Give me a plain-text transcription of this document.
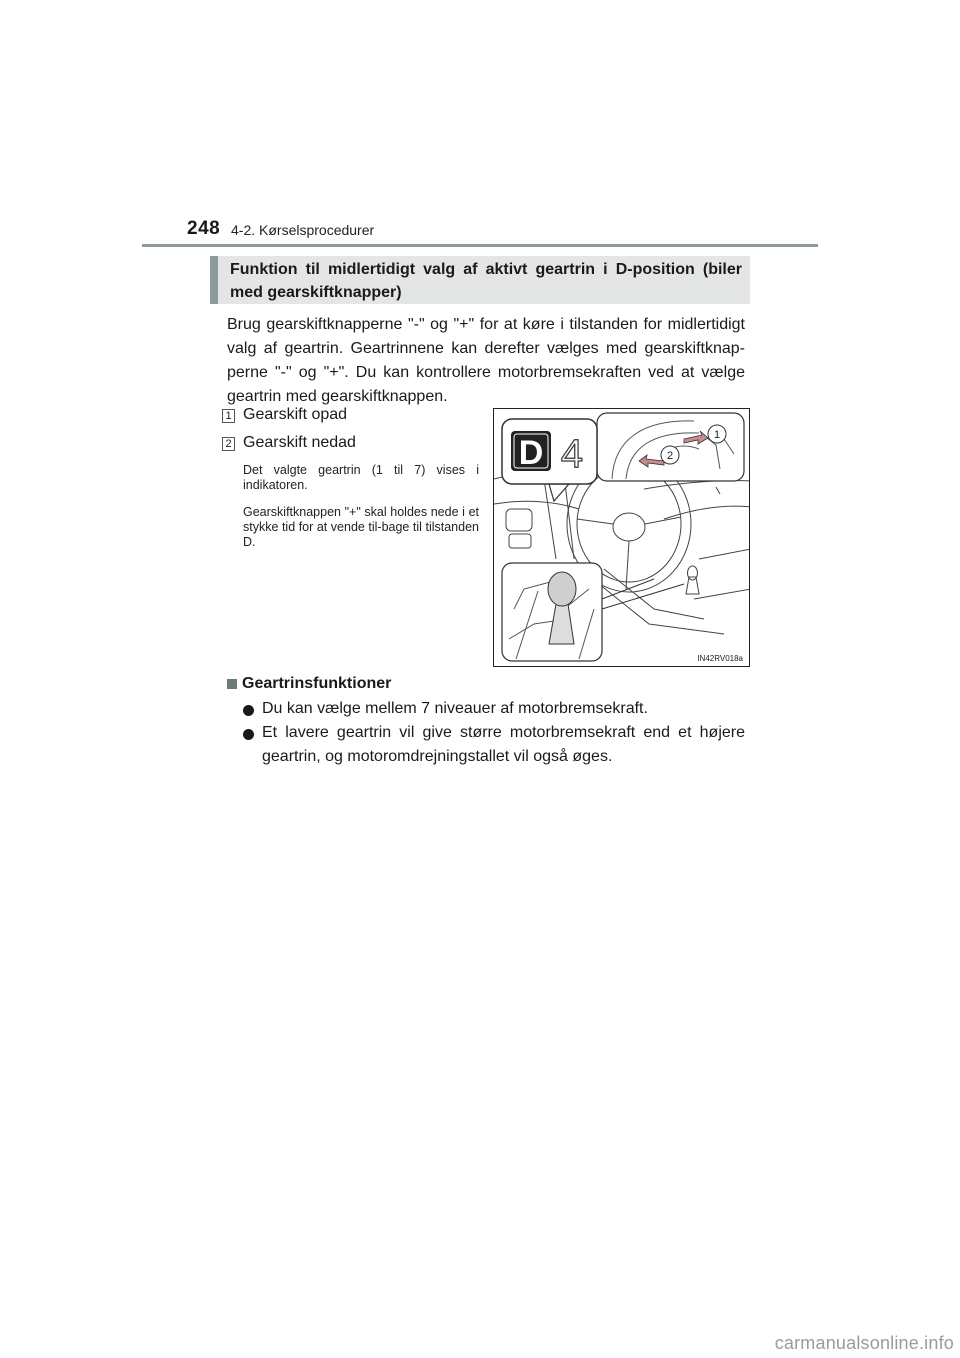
248 4-2. Kørselsprocedurer
Funktion til midlertidigt valg af aktivt geartrin i D-position (biler med gearskiftknapper)
Brug gearskiftknapperne "-" og "+" for at køre i tilstanden for midlertidigt valg af geartrin. Geartrinnene kan derefter vælges med gearskiftknap-perne "-" og "+". Du kan kontrollere motorbremsekraften ved at vælge geartrin med gearskiftknappen.
1 Gearskift opad
2 Gearskift nedad
Det valgte geartrin (1 til 7) vises i indikatoren.
Gearskiftknappen "+" skal holdes nede i et stykke tid for at vende til-bage til tilstanden D.
D 4	1
2
IN42RV018a
Geartrinsfunktioner
Du kan vælge mellem 7 niveauer af motorbremsekraft.
Et lavere geartrin vil give større motorbremsekraft end et højere geartrin, og motoromdrejningstallet vil også øges.
carmanualsonline.info
